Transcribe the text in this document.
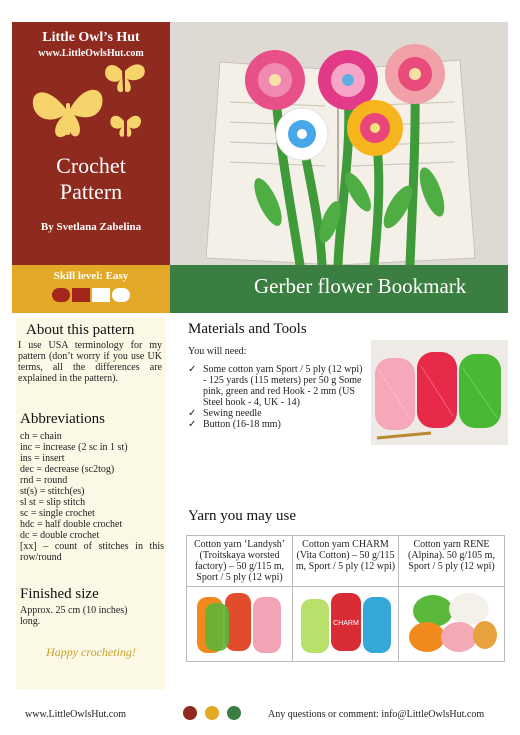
Little Owl’s Hut
www.LittleOwlsHut.com
Crochet
Pattern
By Svetlana Zabelina
Skill level: Easy	Gerber flower Bookmark
About this pattern
I use USA terminology for my pattern (don’t worry if you use UK terms, all the differences are explained in the pattern).
Abbreviations
ch = chain
inc = increase (2 sc in 1 st)
ins = insert
dec = decrease (sc2tog)
rnd = round
st(s) = stitch(es)
sl st = slip stitch
sc = single crochet
hdc = half double crochet
dc = double crochet
[xx] – count of stitches in this row/round
Finished size
Approx. 25 cm (10 inches) long.
Happy crocheting!
Materials and Tools
You will need:
✓ Some cotton yarn Sport / 5 ply (12 wpi) - 125 yards (115 meters) per 50 g Some pink, green and red Hook - 2 mm (US Steel hook - 4, UK - 14)
✓ Sewing needle
✓ Button (16-18 mm)
Yarn you may use
Cotton yarn ‘Landysh’ (Troitskaya worsted factory) – 50 g/115 m, Sport / 5 ply (12 wpi)	Cotton yarn CHARM (Vita Cotton) – 50 g/115 m, Sport / 5 ply (12 wpi)	Cotton yarn RENE (Alpina). 50 g/105 m, Sport / 5 ply (12 wpi)

CHARM

www.LittleOwlsHut.com	Any questions or comment: info@LittleOwlsHut.com
